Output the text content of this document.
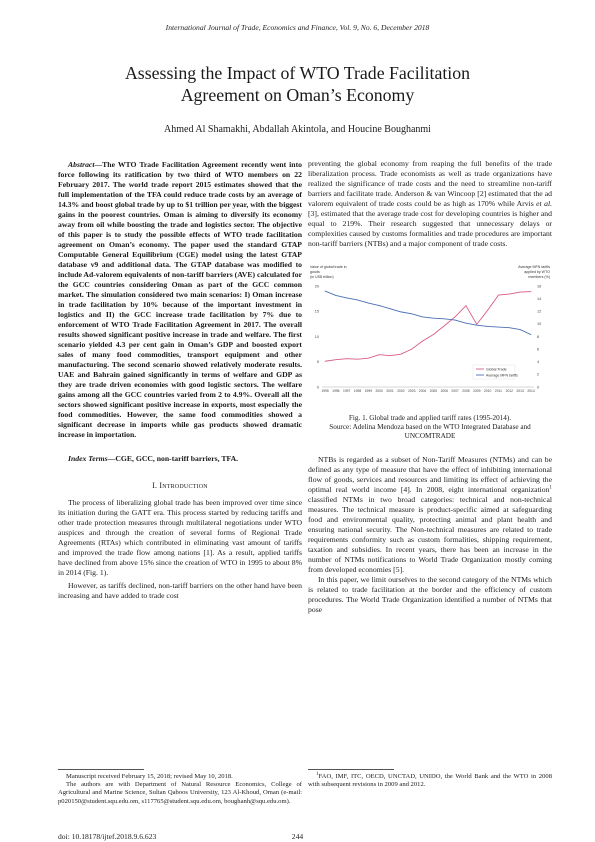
International Journal of Trade, Economics and Finance, Vol. 9, No. 6, December 2018
Assessing the Impact of WTO Trade Facilitation
Agreement on Oman’s Economy
Ahmed Al Shamakhi, Abdallah Akintola, and Houcine Boughanmi

Abstract—The WTO Trade Facilitation Agreement recently went into force following its ratification by two third of WTO members on 22 February 2017. The world trade report 2015 estimates showed that the full implementation of the TFA could reduce trade costs by an average of 14.3% and boost global trade by up to $1 trillion per year, with the biggest gains in the poorest countries. Oman is aiming to diversify its economy away from oil while boosting the trade and logistics sector. The objective of this paper is to study the possible effects of WTO trade facilitation agreement on Oman’s economy. The paper used the standard GTAP Computable General Equilibrium (CGE) model using the latest GTAP database v9 and additional data. The GTAP database was modified to include Ad-valorem equivalents of non-tariff barriers (AVE) calculated for the GCC countries considering Oman as part of the GCC common market. The simulation considered two main scenarios: I) Oman increase in trade facilitation by 10% because of the important investment in logistics and II) the GCC increase trade facilitation by 7% due to enforcement of WTO Trade Facilitation Agreement in 2017. The overall results showed significant positive increase in trade and welfare. The first scenario yielded 4.3 per cent gain in Oman’s GDP and boosted export sales of many food commodities, transport equipment and other manufacturing. The second scenario showed relatively moderate results. UAE and Bahrain gained significantly in terms of welfare and GDP as they are trade driven economies with good logistic sectors. The welfare gains among all the GCC countries varied from 2 to 4.9%. Overall all the sectors showed significant positive increase in exports, most especially the food commodities. However, the same food commodities showed a significant decrease in imports while gas products showed dramatic increase in importation.

Index Terms—CGE, GCC, non-tariff barriers, TFA.

I. Introduction

The process of liberalizing global trade has been improved over time since its initiation during the GATT era. This process started by reducing tariffs and other trade protection measures through multilateral negotiations under WTO auspices and through the creation of several forms of Regional Trade Agreements (RTAs) which contributed in eliminating vast amount of tariffs and improved the trade flow among nations [1]. As a result, applied tariffs have declined from above 15% since the creation of WTO in 1995 to about 8% in 2014 (Fig. 1).

However, as tariffs declined, non-tariff barriers on the other hand have been increasing and have added to trade cost

preventing the global economy from reaping the full benefits of the trade liberalization process. Trade economists as well as trade organizations have realized the significance of trade costs and the need to streamline non-tariff barriers and facilitate trade. Anderson & van Wincoop [2] estimated that the ad valorem equivalent of trade costs could be as high as 170% while Arvis et al. [3], estimated that the average trade cost for developing countries is higher and equal to 219%. Their research suggested that unnecessary delays or complexities caused by customs formalities and trade procedures are important non-tariff barriers (NTBs) and a major component of trade costs.

Value of global trade in
goods
(in US$ trillion)
Average MFN tariffs
applied by WTO
members (%)
0
5
10
15
20
0
2
4
6
8
10
12
14
16
1995 1996 1997 1998 1999 2000 2001 2002 2003 2004 2005 2006 2007 2008 2009 2010 2011 2012 2013 2014
Global Trade
Average MFN tariffs
Fig. 1. Global trade and applied tariff rates (1995-2014).
Source: Adelina Mendoza based on the WTO Integrated Database and
UNCOMTRADE

NTBs is regarded as a subset of Non-Tariff Measures (NTMs) and can be defined as any type of measure that have the effect of inhibiting international flow of goods, services and resources and limiting its effect of achieving the optimal real world income [4]. In 2008, eight international organization$^1$ classified NTMs in two broad categories: technical and non-technical measures. The technical measure is product-specific aimed at safeguarding food and environmental quality, protecting animal and plant health and ensuring national security. The Non-technical measures are related to trade requirements conformity such as custom formalities, shipping requirement, taxation and subsidies. In recent years, there has been an increase in the number of NTMs notifications to World Trade Organization mostly coming from developed economies [5].

In this paper, we limit ourselves to the second category of the NTMs which is related to trade facilitation at the border and the efficiency of custom procedures. The World Trade Organization identified a number of NTMs that pose

Manuscript received February 15, 2018; revised May 10, 2018.

The authors are with Department of Natural Resource Economics, College of Agricultural and Marine Science, Sultan Qaboos University, 123 Al-Khoud, Oman (e-mail: p020150@student.squ.edu.om, s117765@student.squ.edu.om, boughanh@squ.edu.om).

$^1$FAO, IMF, ITC, OECD, UNCTAD, UNIDO, the World Bank and the WTO in 2008 with subsequent revisions in 2009 and 2012.

doi: 10.18178/ijtef.2018.9.6.623	244
